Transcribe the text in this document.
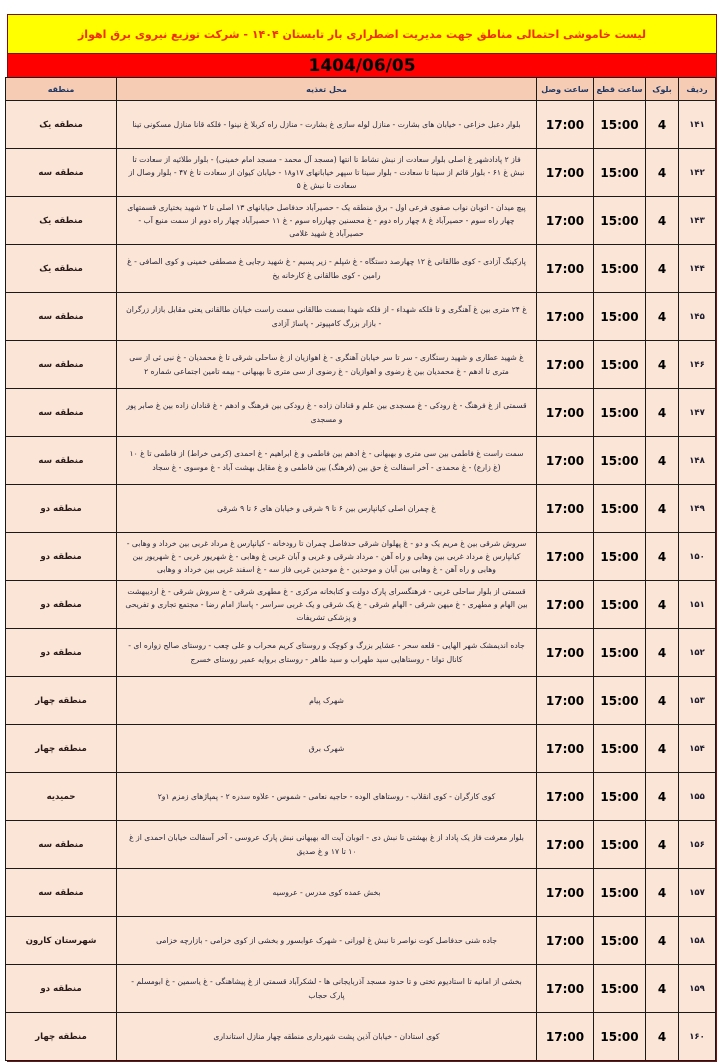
لیست خاموشی احتمالی مناطق جهت مدیریت اضطراری بار تابستان ۱۴۰۴ - شرکت توزیع نیروی برق اهواز
1404/06/05
ردیف	بلوک	ساعت قطع	ساعت وصل	محل تغذیه	منطقه
۱۴۱	4	15:00	17:00	بلوار دعبل خزاعی - خیابان های بشارت - منازل لوله سازی غ بشارت - منازل راه کربلا غ نینوا - فلکه قانا منازل مسکونی تینا	منطقه یک
۱۴۲	4	15:00	17:00	فاز ۲ پادادشهر غ اصلی بلوار سعادت از نبش نشاط تا انتها (مسجد آل محمد - مسجد امام خمینی) - بلوار طلائیه از سعادت تا نبش غ ۶۱ - بلوار قائم از سینا تا سعادت - بلوار سینا تا سپهر خیابانهای ۱۷و۱۸ - خیابان کیوان از سعادت تا غ ۴۷ - بلوار وصال از سعادت تا نبش غ ۵	منطقه سه
۱۴۳	4	15:00	17:00	پیچ میدان - اتوبان نواب صفوی فرعی اول - برق منطقه یک - حصیرآباد حدفاصل خیابانهای ۱۳ اصلی تا ۲ شهید بختیاری قسمتهای چهار راه سوم - حصیرآباد غ ۸ چهار راه دوم - غ محسنین چهارراه سوم - غ ۱۱ حصیرآباد چهار راه دوم از سمت منبع آب - حصیرآباد غ شهید غلامی	منطقه یک
۱۴۴	4	15:00	17:00	پارکینگ آزادی - کوی طالقانی غ ۱۲ چهارصد دستگاه - غ شپلم - زیر پسیم - غ شهید رجایی غ مصطفی خمینی و کوی الصافی - غ رامین - کوی طالقانی غ کارخانه یخ	منطقه یک
۱۴۵	4	15:00	17:00	غ ۲۴ متری بین غ آهنگری و تا فلکه شهداء - از فلکه شهدا بسمت طالقانی سمت راست خیابان طالقانی یعنی مقابل بازار زرگران - بازار بزرگ کامپیوتر - پاساژ آزادی	منطقه سه
۱۴۶	4	15:00	17:00	غ شهید عطاری و شهید رستگاری - سر تا سر خیابان آهنگری - غ اهوازیان از غ ساحلی شرقی تا غ محمدیان - غ نبی ئی از سی متری تا ادهم - غ محمدیان بین غ رضوی و اهوازیان - غ رضوی از سی متری تا بهبهانی - بیمه تامین اجتماعی شماره ۲	منطقه سه
۱۴۷	4	15:00	17:00	قسمتی از غ فرهنگ - غ رودکی - غ مسجدی بین علم و قنادان زاده - غ رودکی بین فرهنگ و ادهم - غ قنادان زاده بین غ صابر پور و مسجدی	منطقه سه
۱۴۸	4	15:00	17:00	سمت راست غ فاطمی بین سی متری و بهبهانی - غ ادهم بین فاطمی و غ ابراهیم - غ احمدی (کرمی خراط) از فاطمی تا غ ۱۰ (غ زارع) - غ محمدی - آخر اسفالت غ حق بین (فرهنگ) بین فاطمی و غ مقابل بهشت آباد - غ موسوی - غ سجاد	منطقه سه
۱۴۹	4	15:00	17:00	غ چمران اصلی کیانپارس بین ۶ تا ۹ شرقی و خیابان های ۶ تا ۹ شرقی	منطقه دو
۱۵۰	4	15:00	17:00	سروش شرقی بین غ مریم یک و دو - غ پهلوان شرقی حدفاصل چمران تا رودخانه - کیانپارس غ مرداد غربی بین خرداد و وهابی - کیانپارس غ مرداد غربی بین وهابی و راه آهن - مرداد شرقی و غربی و آبان غربی غ وهابی - غ شهریور غربی - غ شهریور بین وهابی و راه آهن - غ وهابی بین آبان و موحدین - غ موحدین غربی فاز سه - غ اسفند غربی بین خرداد و وهابی	منطقه دو
۱۵۱	4	15:00	17:00	قسمتی از بلوار ساحلی غربی - فرهنگسرای پارک دولت و کتابخانه مرکزی - غ مطهری شرقی - غ سروش شرقی - غ اردیبهشت بین الهام و مطهری - غ میهن شرقی - الهام شرقی - غ یک شرقی و یک غربی سراسر - پاساژ امام رضا - مجتمع تجاری و تفریحی و پزشکی تشریفات	منطقه دو
۱۵۲	4	15:00	17:00	جاده اندیمشک شهر الهایی - قلعه سحر - عشایر بزرگ و کوچک و روستای کریم محراب و علی چعب - روستای صالح زواره ای - کانال توانا - روستاهایی سید طهراب و سید طاهر - روستای بروایه عمیر روستای خسرج	منطقه دو
۱۵۳	4	15:00	17:00	شهرک پیام	منطقه چهار
۱۵۴	4	15:00	17:00	شهرک برق	منطقه چهار
۱۵۵	4	15:00	17:00	کوی کارگران - کوی انقلاب - روستاهای الوده - حاجیه نعامی - شموس - علاوه سدره ۲ - پمپاژهای زمزم ۱و۲	حمیدیه
۱۵۶	4	15:00	17:00	بلوار معرفت فاز یک پاداد از غ بهشتی تا نبش دی - اتوبان آیت اله بهبهانی نبش پارک عروسی - آخر آسفالت خیابان احمدی از غ ۱۰ تا ۱۷ و غ صدیق	منطقه سه
۱۵۷	4	15:00	17:00	بخش عمده کوی مدرس - عروسیه	منطقه سه
۱۵۸	4	15:00	17:00	جاده شنی حدفاصل کوت نواصر تا نبش غ لورانی - شهرک عوابسور و بخشی از کوی خزامی - بازارچه خزامی	شهرستان کارون
۱۵۹	4	15:00	17:00	بخشی از امانیه تا استادیوم تختی و تا حدود مسجد آذربایجانی ها - لشکرآباد قسمتی از غ پیشاهنگی - غ یاسمین - غ ابومسلم - پارک حجاب	منطقه دو
۱۶۰	4	15:00	17:00	کوی استادان - خیابان آذین پشت شهرداری منطقه چهار منازل استانداری	منطقه چهار
